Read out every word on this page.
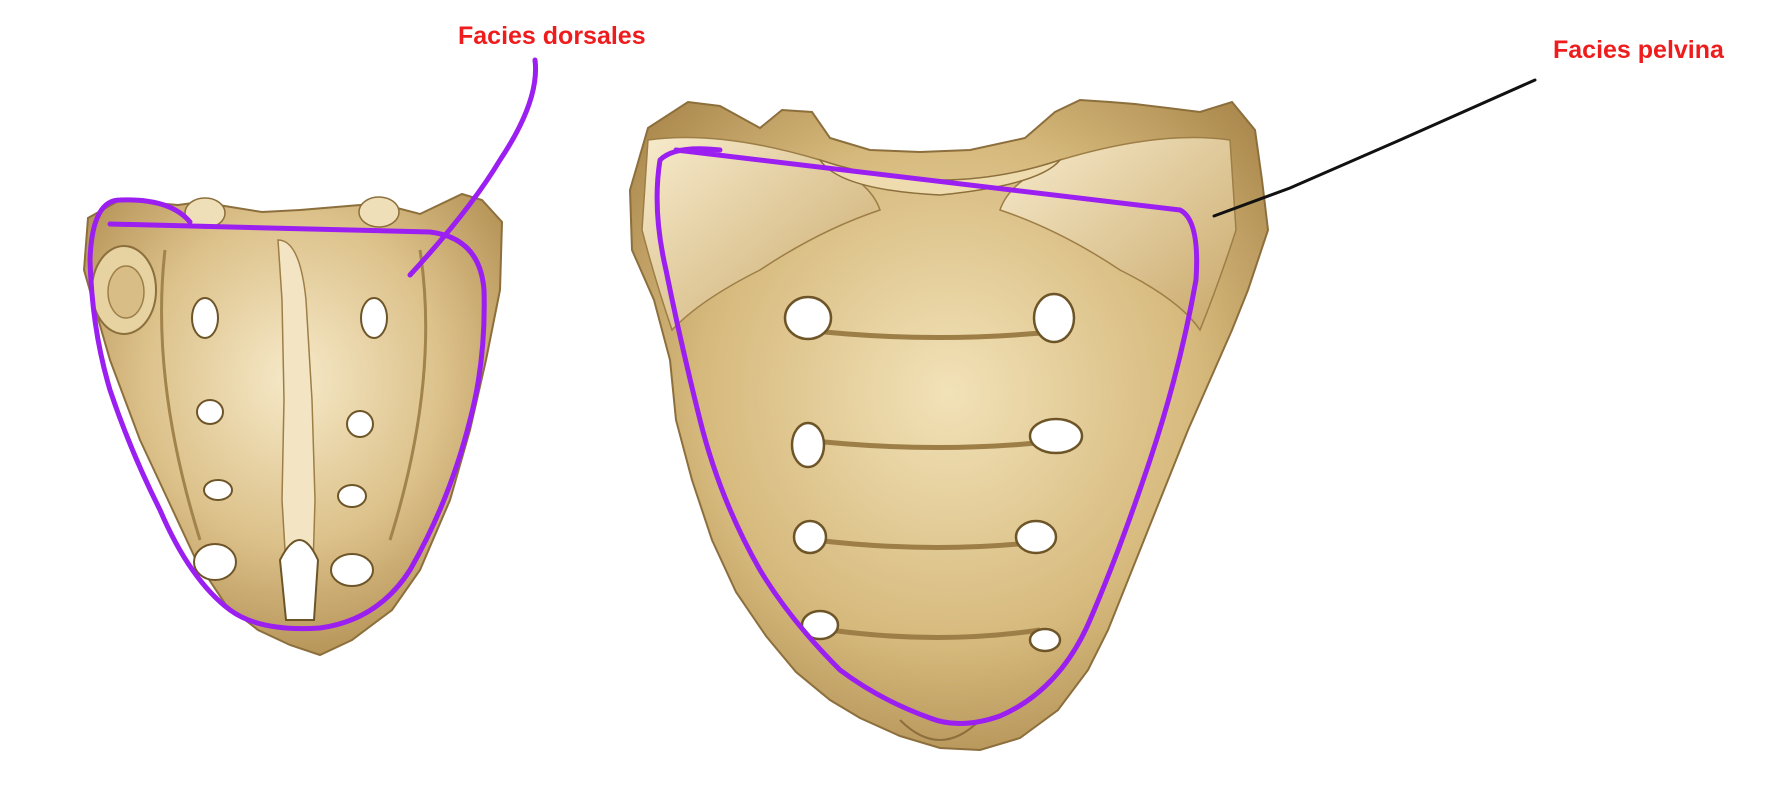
Facies dorsales	Facies pelvina
